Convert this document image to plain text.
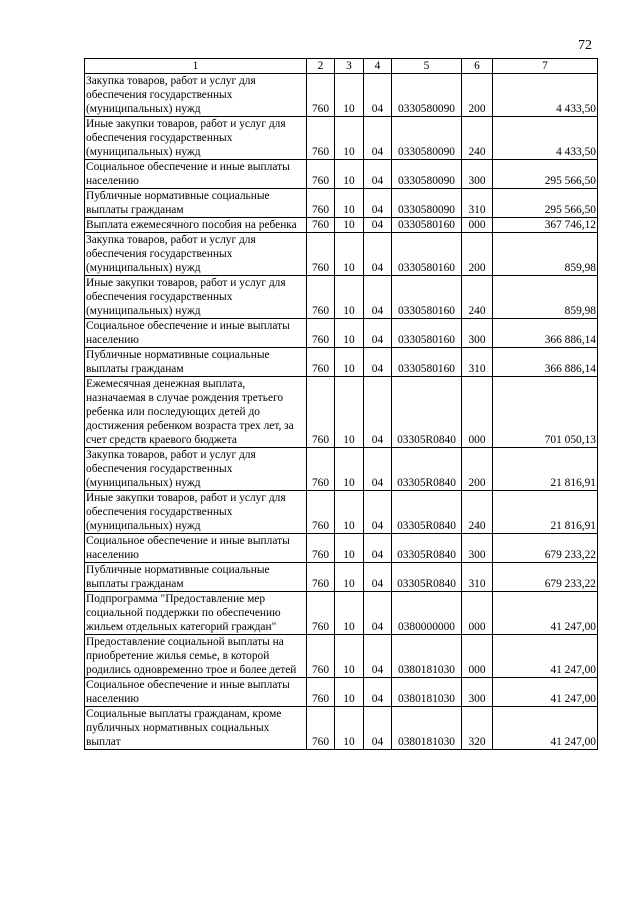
72
1	2	3	4	5	6	7
Закупка товаров, работ и услуг для обеспечения государственных (муниципальных) нужд	760	10	04	0330580090	200	4 433,50
Иные закупки товаров, работ и услуг для обеспечения государственных (муниципальных) нужд	760	10	04	0330580090	240	4 433,50
Социальное обеспечение и иные выплаты населению	760	10	04	0330580090	300	295 566,50
Публичные нормативные социальные выплаты гражданам	760	10	04	0330580090	310	295 566,50
Выплата ежемесячного пособия на ребенка	760	10	04	0330580160	000	367 746,12
Закупка товаров, работ и услуг для обеспечения государственных (муниципальных) нужд	760	10	04	0330580160	200	859,98
Иные закупки товаров, работ и услуг для обеспечения государственных (муниципальных) нужд	760	10	04	0330580160	240	859,98
Социальное обеспечение и иные выплаты населению	760	10	04	0330580160	300	366 886,14
Публичные нормативные социальные выплаты гражданам	760	10	04	0330580160	310	366 886,14
Ежемесячная денежная выплата, назначаемая в случае рождения третьего ребенка или последующих детей до достижения ребенком возраста трех лет, за счет средств краевого бюджета	760	10	04	03305R0840	000	701 050,13
Закупка товаров, работ и услуг для обеспечения государственных (муниципальных) нужд	760	10	04	03305R0840	200	21 816,91
Иные закупки товаров, работ и услуг для обеспечения государственных (муниципальных) нужд	760	10	04	03305R0840	240	21 816,91
Социальное обеспечение и иные выплаты населению	760	10	04	03305R0840	300	679 233,22
Публичные нормативные социальные выплаты гражданам	760	10	04	03305R0840	310	679 233,22
Подпрограмма "Предоставление мер социальной поддержки по обеспечению жильем отдельных категорий граждан"	760	10	04	0380000000	000	41 247,00
Предоставление социальной выплаты на приобретение жилья семье, в которой родились одновременно трое и более детей	760	10	04	0380181030	000	41 247,00
Социальное обеспечение и иные выплаты населению	760	10	04	0380181030	300	41 247,00
Социальные выплаты гражданам, кроме публичных нормативных социальных выплат	760	10	04	0380181030	320	41 247,00
